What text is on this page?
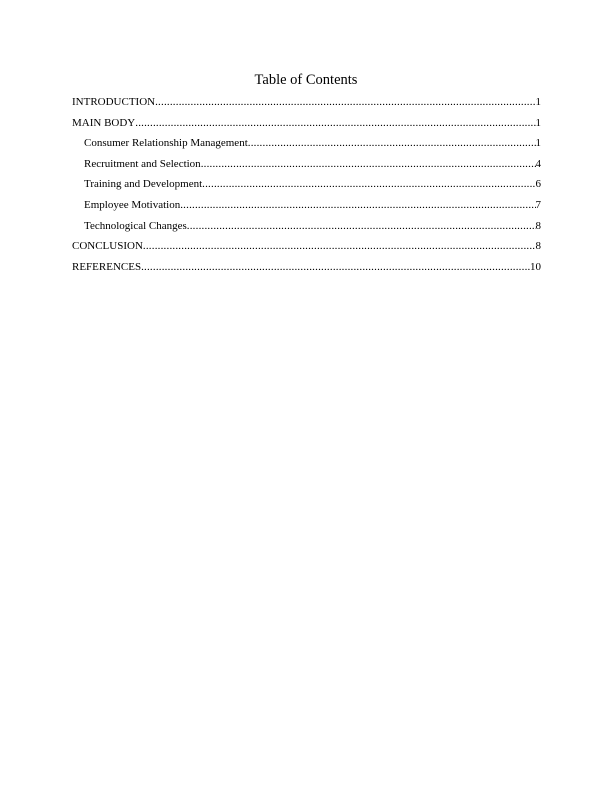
Table of Contents
INTRODUCTION .....	1
MAIN BODY .....	1
Consumer Relationship Management .....	1
Recruitment and Selection .....	4
Training and Development .....	6
Employee Motivation .....	7
Technological Changes .....	8
CONCLUSION .....	8
REFERENCES .....	10
